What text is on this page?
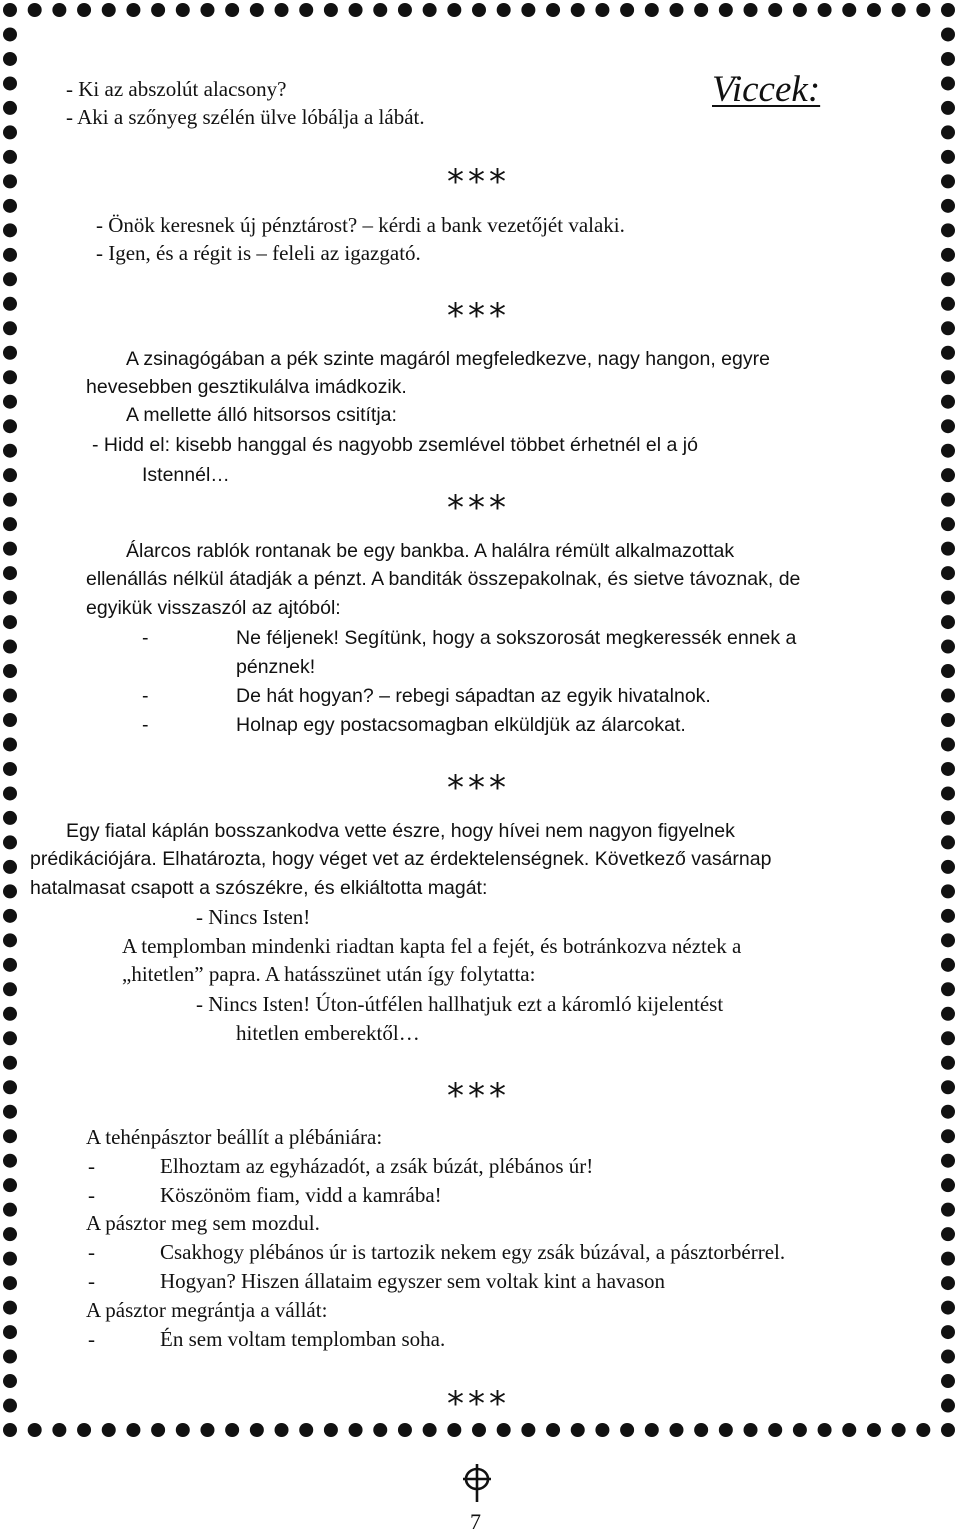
Viccek:
- Ki az abszolút alacsony?
- Aki a szőnyeg szélén ülve lóbálja a lábát.
***
- Önök keresnek új pénztárost? – kérdi a bank vezetőjét valaki.
- Igen, és a régit is – feleli az igazgató.
***
A zsinagógában a pék szinte magáról megfeledkezve, nagy hangon, egyre
hevesebben gesztikulálva imádkozik.
A mellette álló hitsorsos csitítja:
- Hidd el: kisebb hanggal és nagyobb zsemlével többet érhetnél el a jó
Istennél…
***
Álarcos rablók rontanak be egy bankba. A halálra rémült alkalmazottak
ellenállás nélkül átadják a pénzt. A banditák összepakolnak, és sietve távoznak, de
egyikük visszaszól az ajtóból:
-	Ne féljenek! Segítünk, hogy a sokszorosát megkeressék ennek a
pénznek!
-	De hát hogyan? – rebegi sápadtan az egyik hivatalnok.
-	Holnap egy postacsomagban elküldjük az álarcokat.
***
Egy fiatal káplán bosszankodva vette észre, hogy hívei nem nagyon figyelnek
prédikációjára. Elhatározta, hogy véget vet az érdektelenségnek. Következő vasárnap
hatalmasat csapott a szószékre, és elkiáltotta magát:
- Nincs Isten!
A templomban mindenki riadtan kapta fel a fejét, és botránkozva néztek a
„hitetlen” papra. A hatásszünet után így folytatta:
- Nincs Isten! Úton-útfélen hallhatjuk ezt a káromló kijelentést
hitetlen emberektől…
***
A tehénpásztor beállít a plébániára:
-	Elhoztam az egyházadót, a zsák búzát, plébános úr!
-	Köszönöm fiam, vidd a kamrába!
A pásztor meg sem mozdul.
-	Csakhogy plébános úr is tartozik nekem egy zsák búzával, a pásztorbérrel.
-	Hogyan? Hiszen állataim egyszer sem voltak kint a havason
A pásztor megrántja a vállát:
-	Én sem voltam templomban soha.
***
7
